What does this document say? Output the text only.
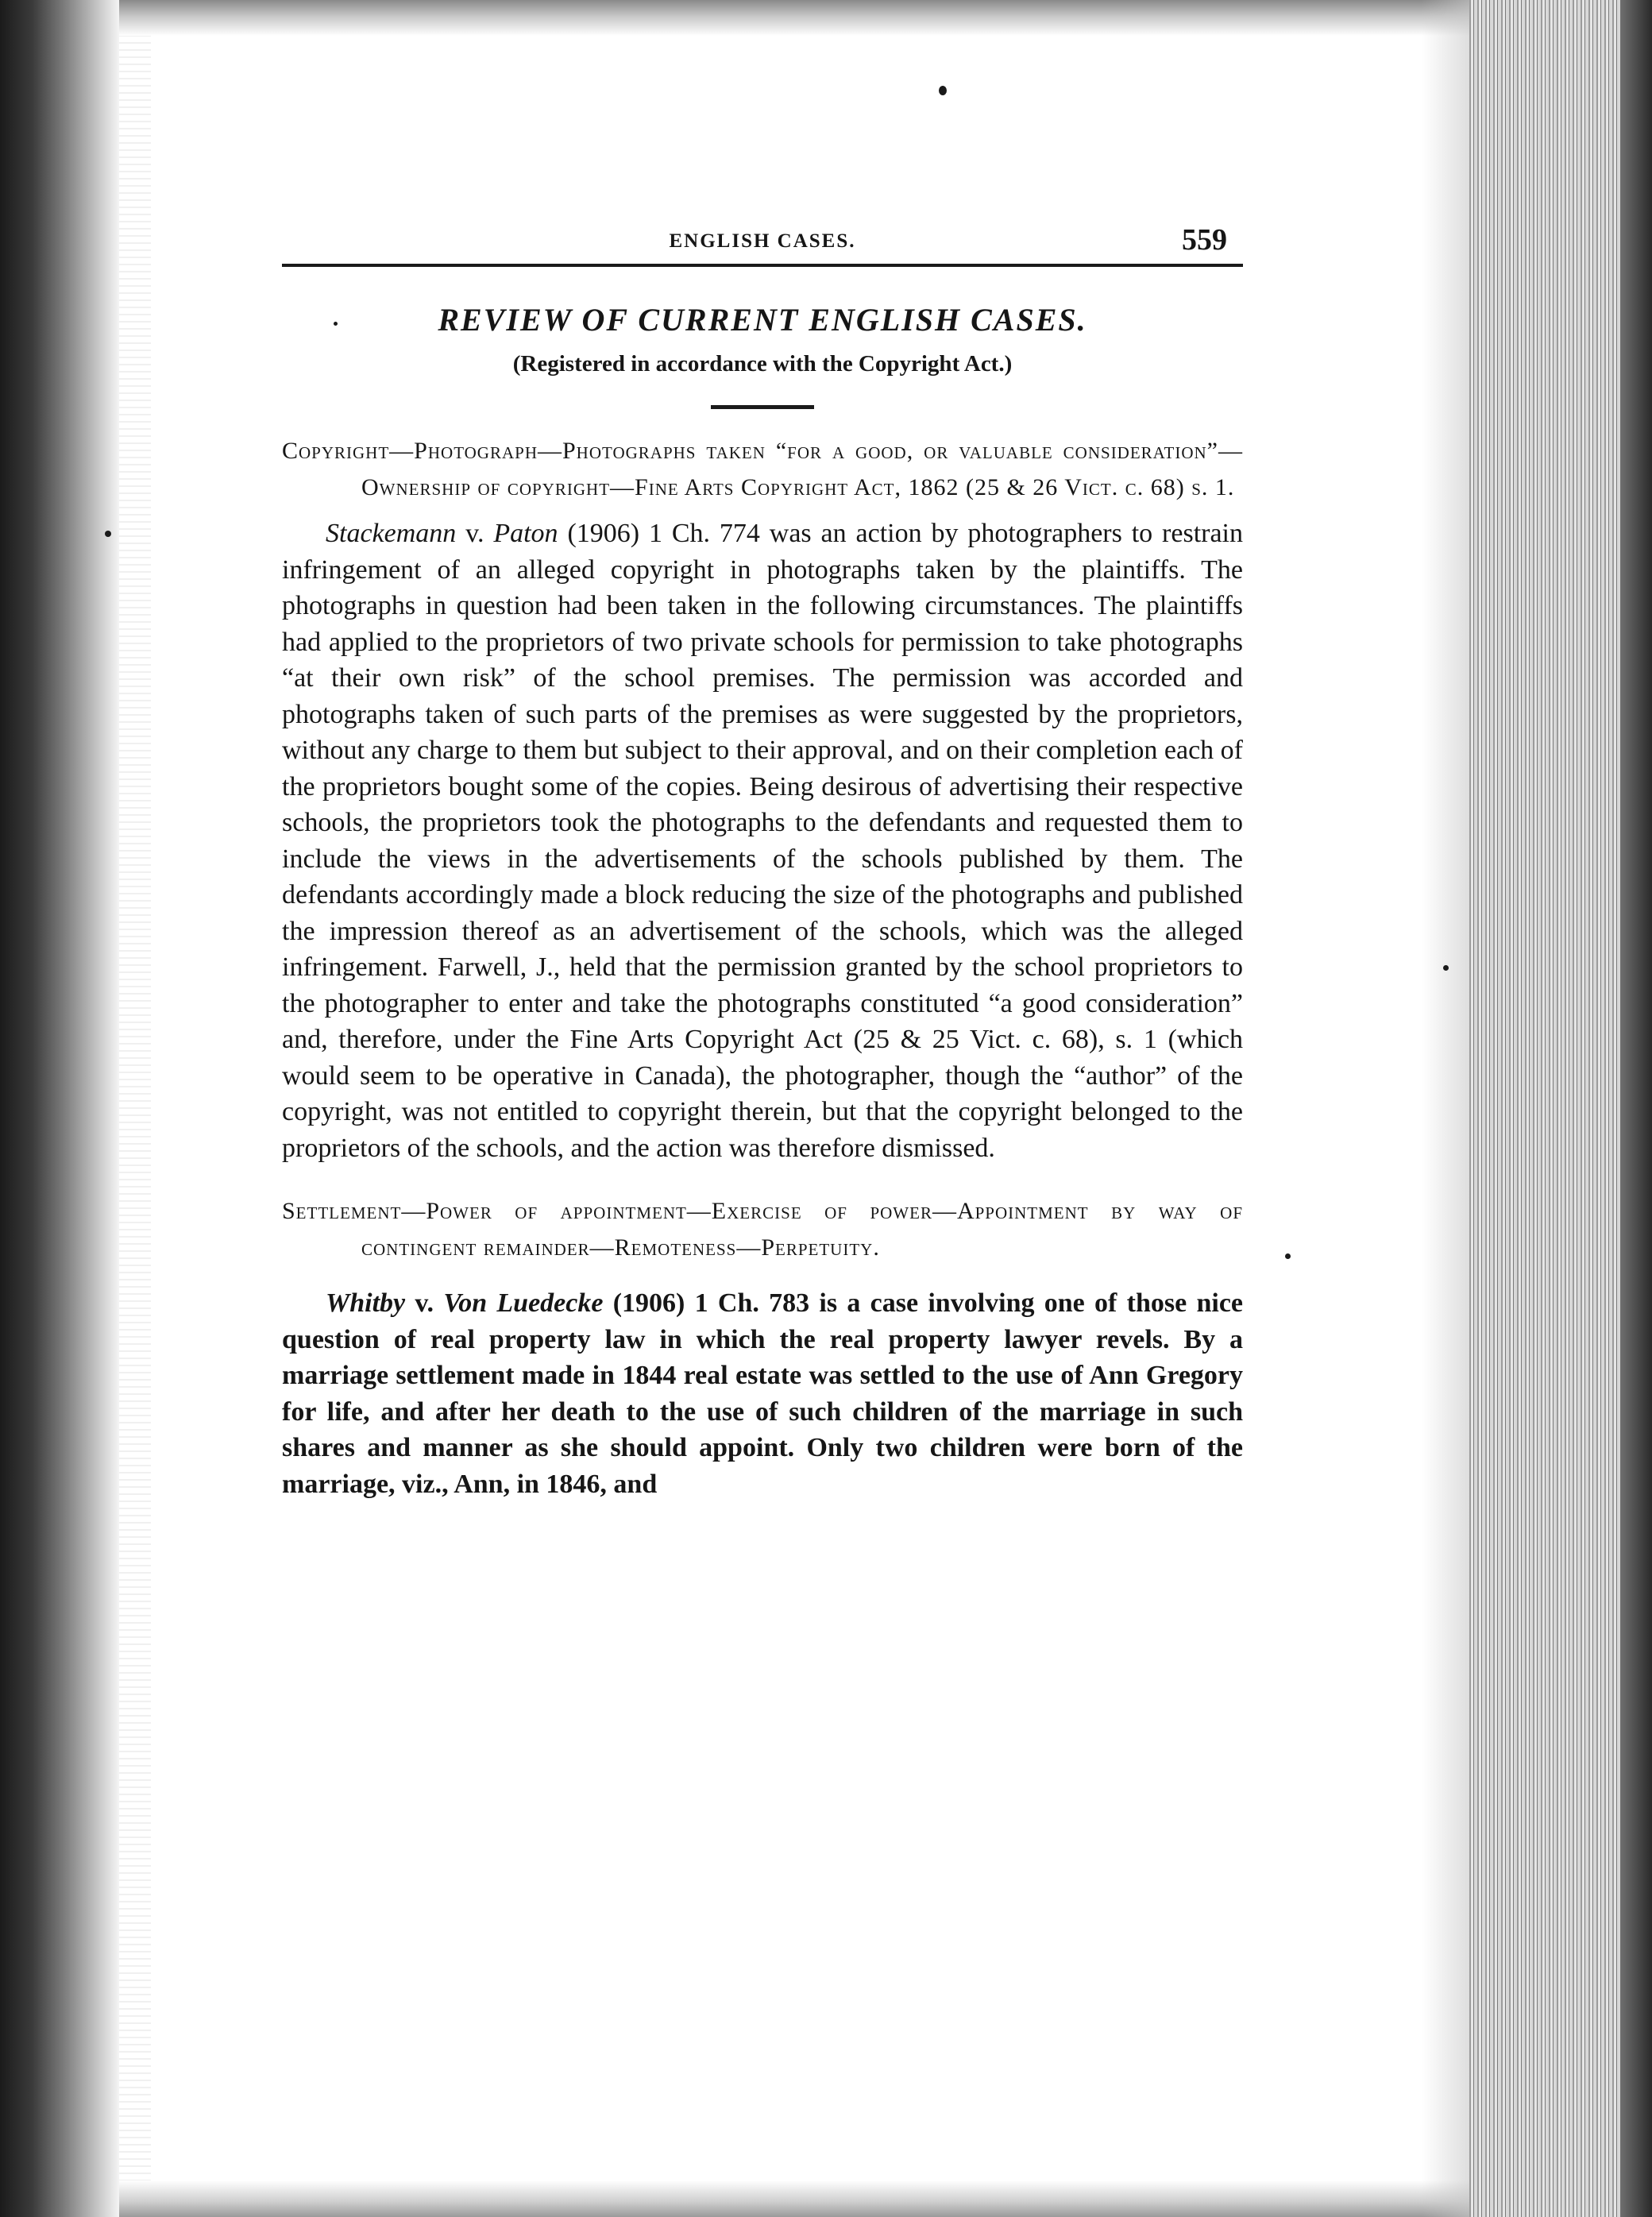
ENGLISH CASES.	559
REVIEW OF CURRENT ENGLISH CASES.
(Registered in accordance with the Copyright Act.)
Copyright—Photograph—Photographs taken “for a good, or valuable consideration”—Ownership of copyright—Fine Arts Copyright Act, 1862 (25 & 26 Vict. c. 68) s. 1.

Stackemann v. Paton (1906) 1 Ch. 774 was an action by photographers to restrain infringement of an alleged copyright in photographs taken by the plaintiffs. The photographs in question had been taken in the following circumstances. The plaintiffs had applied to the proprietors of two private schools for permission to take photographs “at their own risk” of the school premises. The permission was accorded and photographs taken of such parts of the premises as were suggested by the proprietors, without any charge to them but subject to their approval, and on their completion each of the proprietors bought some of the copies. Being desirous of advertising their respective schools, the proprietors took the photographs to the defendants and requested them to include the views in the advertisements of the schools published by them. The defendants accordingly made a block reducing the size of the photographs and published the impression thereof as an advertisement of the schools, which was the alleged infringement. Farwell, J., held that the permission granted by the school proprietors to the photographer to enter and take the photographs constituted “a good consideration” and, therefore, under the Fine Arts Copyright Act (25 & 25 Vict. c. 68), s. 1 (which would seem to be operative in Canada), the photographer, though the “author” of the copyright, was not entitled to copyright therein, but that the copyright belonged to the proprietors of the schools, and the action was therefore dismissed.

Settlement—Power of appointment—Exercise of power—Appointment by way of contingent remainder—Remoteness—Perpetuity.

Whitby v. Von Luedecke (1906) 1 Ch. 783 is a case involving one of those nice question of real property law in which the real property lawyer revels. By a marriage settlement made in 1844 real estate was settled to the use of Ann Gregory for life, and after her death to the use of such children of the marriage in such shares and manner as she should appoint. Only two children were born of the marriage, viz., Ann, in 1846, and
